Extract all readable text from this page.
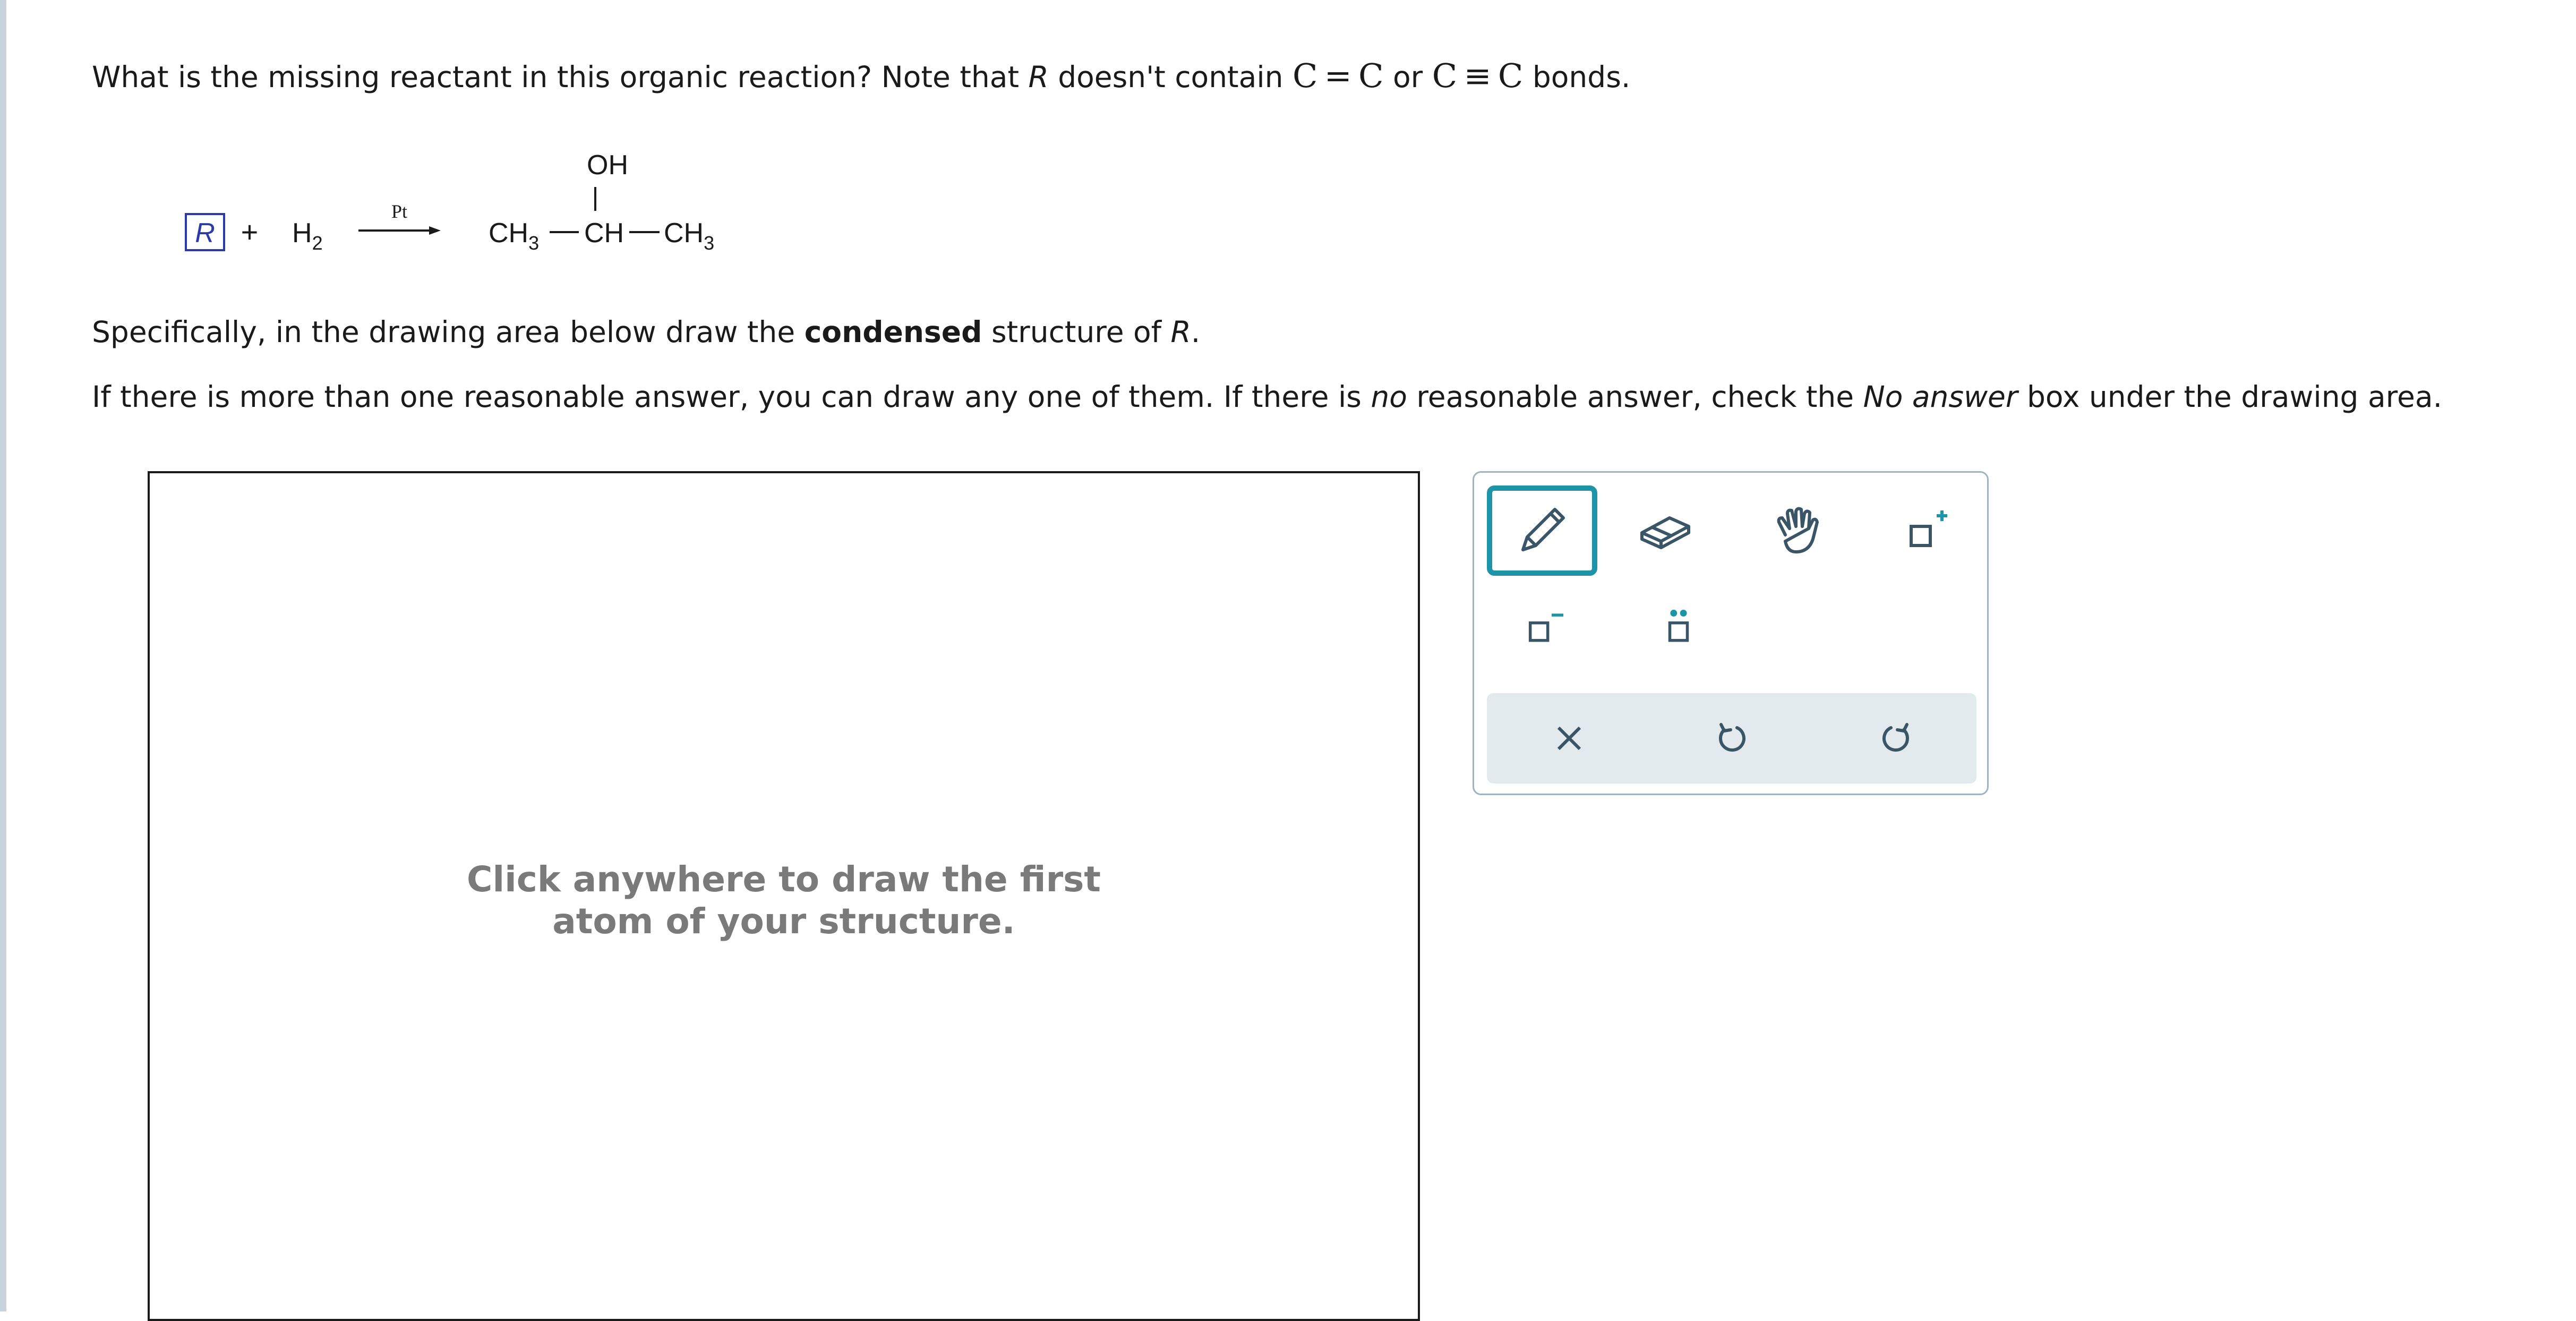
What is the missing reactant in this organic reaction? Note that R doesn't contain C = C or C ≡ C bonds.
$R + H_2$
Pt
OH
$CH_3$ CH $CH_3$
Specifically, in the drawing area below draw the condensed structure of R.
If there is more than one reasonable answer, you can draw any one of them. If there is no reasonable answer, check the No answer box under the drawing area.
Click anywhere to draw the first
atom of your structure.
